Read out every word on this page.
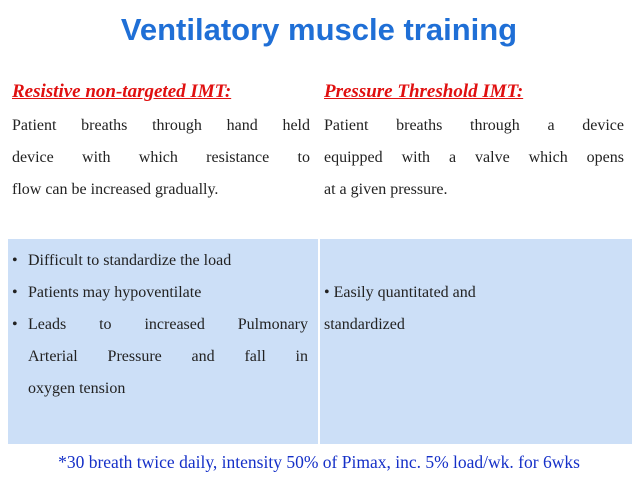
Ventilatory muscle training
Resistive non-targeted IMT:	Pressure Threshold IMT:
Patient breaths through hand held
device with which resistance to
flow can be increased gradually.
Patient breaths through a device
equipped with a valve which opens
at a given pressure.
• Difficult to standardize the load
• Patients may hypoventilate
• Leads to increased Pulmonary
Arterial Pressure and fall in
oxygen tension
• Easily quantitated and
standardized
*30 breath twice daily, intensity 50% of Pimax, inc. 5% load/wk. for 6wks
